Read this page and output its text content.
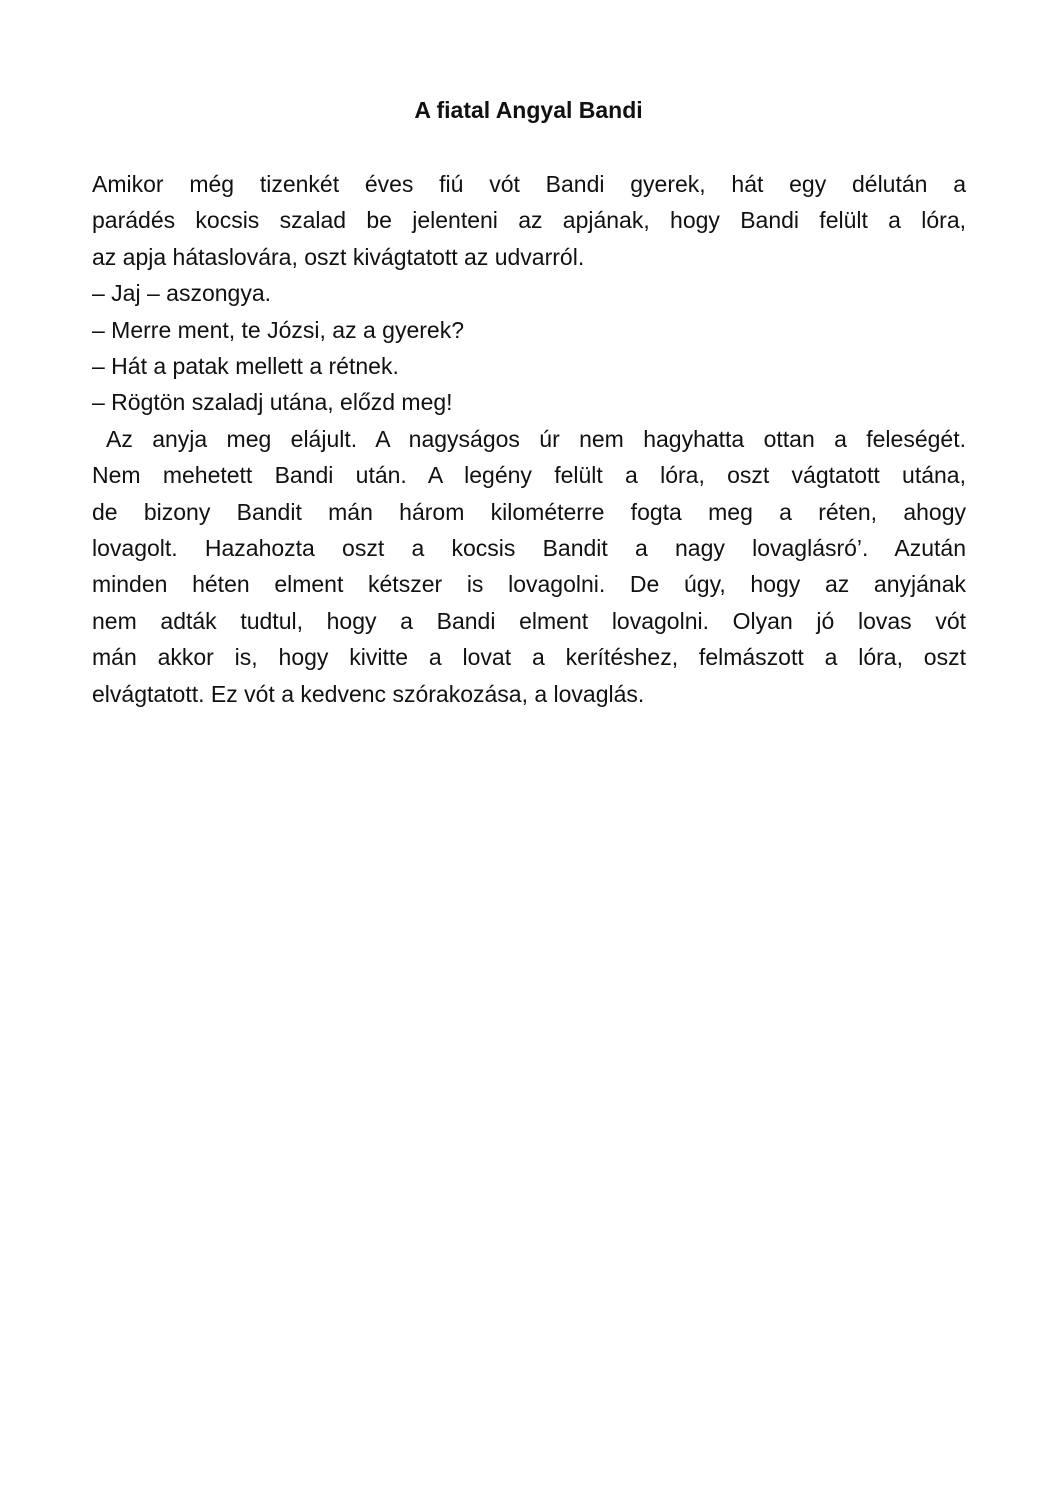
A fiatal Angyal Bandi

Amikor még tizenkét éves fiú vót Bandi gyerek, hát egy délután a
parádés kocsis szalad be jelenteni az apjának, hogy Bandi felült a lóra,
az apja hátaslovára, oszt kivágtatott az udvarról.

– Jaj – aszongya.

– Merre ment, te Józsi, az a gyerek?

– Hát a patak mellett a rétnek.

– Rögtön szaladj utána, előzd meg!

Az anyja meg elájult. A nagyságos úr nem hagyhatta ottan a feleségét.
Nem mehetett Bandi után. A legény felült a lóra, oszt vágtatott utána,
de bizony Bandit mán három kilométerre fogta meg a réten, ahogy
lovagolt. Hazahozta oszt a kocsis Bandit a nagy lovaglásró’. Azután
minden héten elment kétszer is lovagolni. De úgy, hogy az anyjának
nem adták tudtul, hogy a Bandi elment lovagolni. Olyan jó lovas vót
mán akkor is, hogy kivitte a lovat a kerítéshez, felmászott a lóra, oszt
elvágtatott. Ez vót a kedvenc szórakozása, a lovaglás.
